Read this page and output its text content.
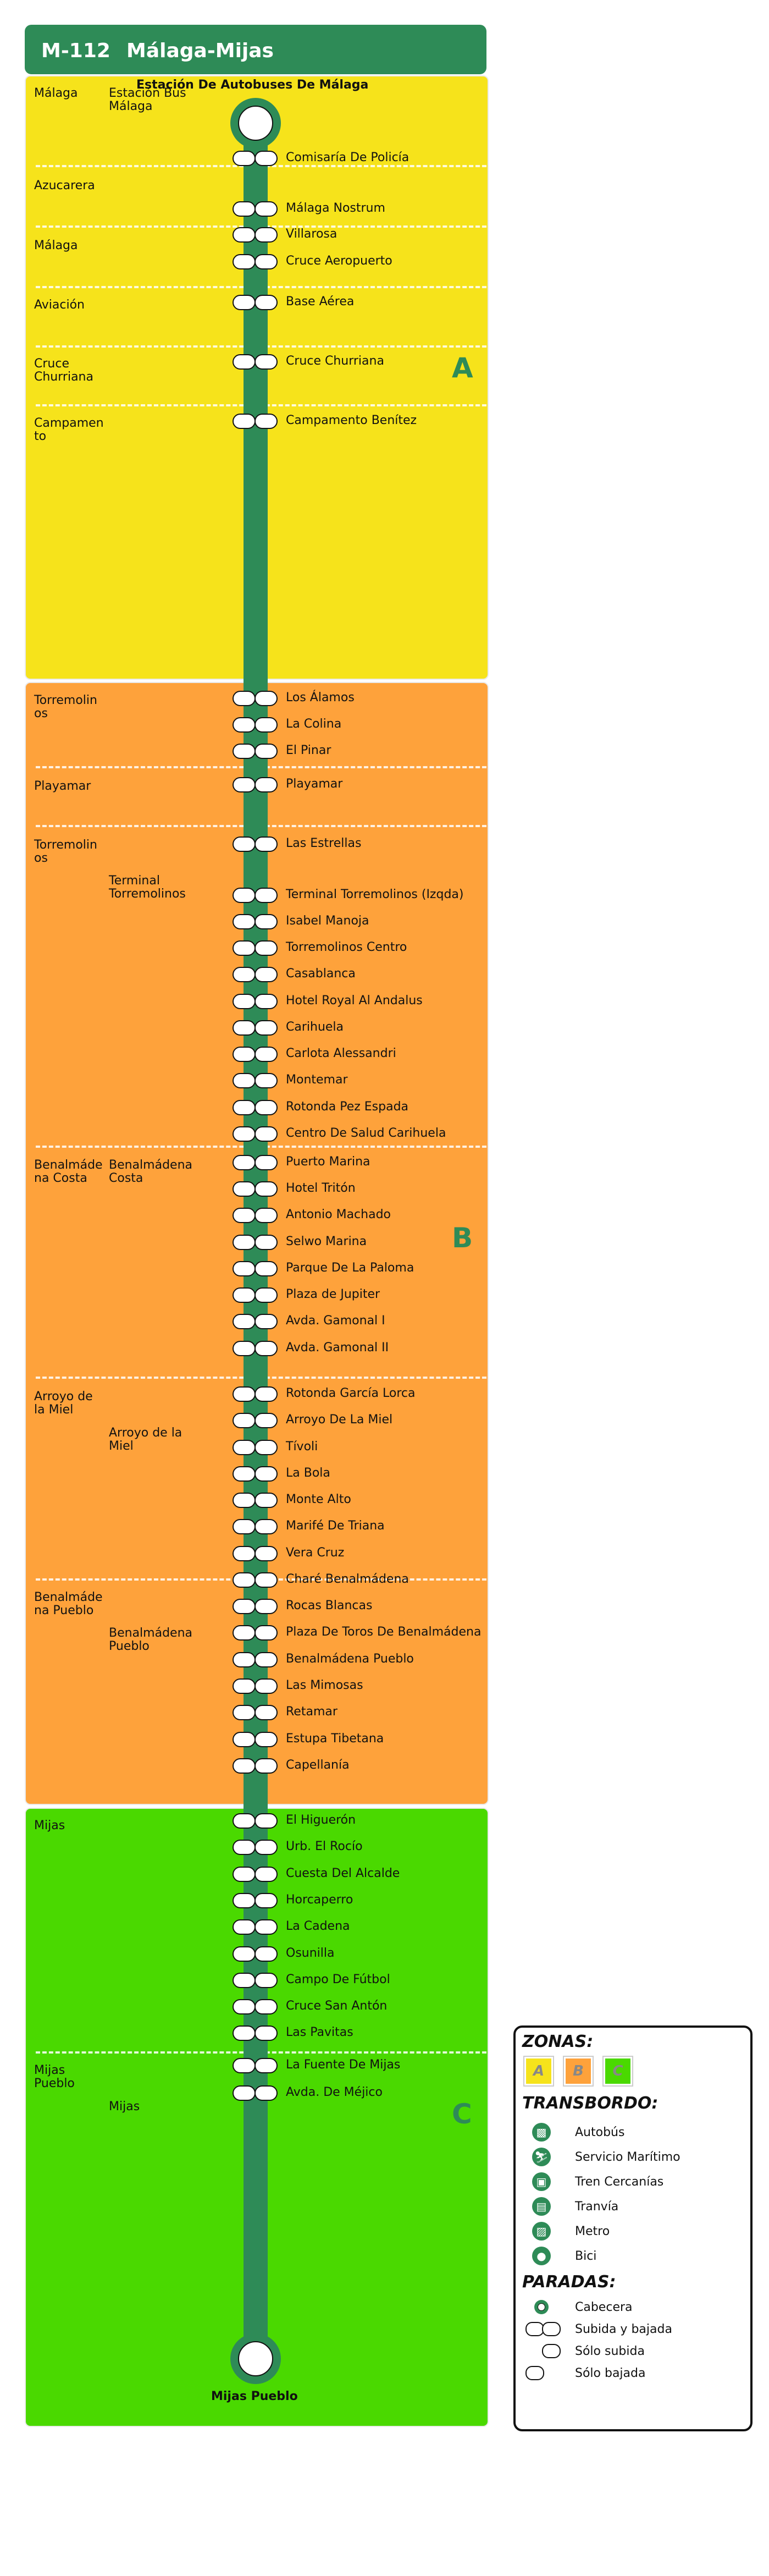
M-112 Málaga-Mijas
A
B
C
Estación De Autobuses De Málaga
Mijas Pueblo
Málaga
Azucarera
Málaga
Aviación
Cruce Churriana
Campamen to
Torremolin os
Playamar
Torremolin os
Benalmáde na Costa
Arroyo de la Miel
Benalmáde na Pueblo
Mijas
Mijas Pueblo
Estación Bus Málaga
Terminal Torremolinos
Benalmádena Costa
Arroyo de la Miel
Benalmádena Pueblo
Mijas
Comisaría De Policía
Málaga Nostrum
Villarosa
Cruce Aeropuerto
Base Aérea
Cruce Churriana
Campamento Benítez
Los Álamos
La Colina
El Pinar
Playamar
Las Estrellas
Terminal Torremolinos (Izqda)
Isabel Manoja
Torremolinos Centro
Casablanca
Hotel Royal Al Andalus
Carihuela
Carlota Alessandri
Montemar
Rotonda Pez Espada
Centro De Salud Carihuela
Puerto Marina
Hotel Tritón
Antonio Machado
Selwo Marina
Parque De La Paloma
Plaza de Jupiter
Avda. Gamonal I
Avda. Gamonal II
Rotonda García Lorca
Arroyo De La Miel
Tívoli
La Bola
Monte Alto
Marifé De Triana
Vera Cruz
Charé Benalmádena
Rocas Blancas
Plaza De Toros De Benalmádena
Benalmádena Pueblo
Las Mimosas
Retamar
Estupa Tibetana
Capellanía
El Higuerón
Urb. El Rocío
Cuesta Del Alcalde
Horcaperro
La Cadena
Osunilla
Campo De Fútbol
Cruce San Antón
Las Pavitas
La Fuente De Mijas
Avda. De Méjico
ZONAS:
A	B	C
TRANSBORDO:
▩	Autobús
⛷ Servicio Marítimo
▣	Tren Cercanías
▤	Tranvía
▨	Metro
●	Bici
PARADAS:
Cabecera
Subida y bajada
Sólo subida
Sólo bajada
